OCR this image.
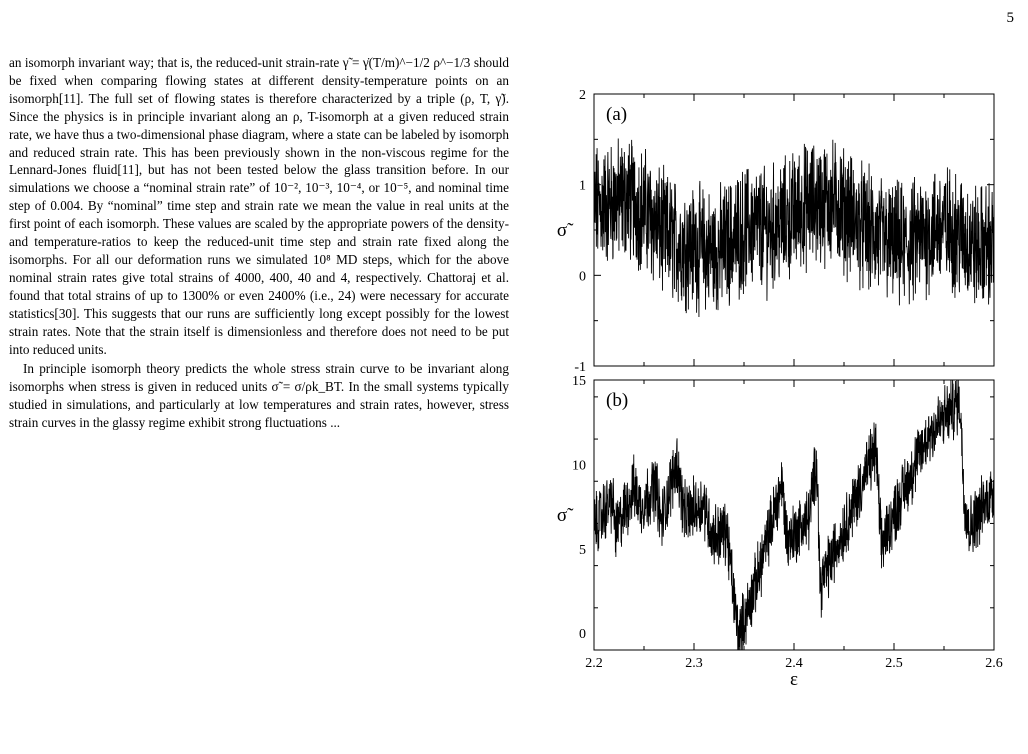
5

an isomorph invariant way; that is, the reduced-unit strain-rate γ̃ = γ̇(T/m)^−1/2 ρ^−1/3 should be fixed when comparing flowing states at different density-temperature points on an isomorph[11]. The full set of flowing states is therefore characterized by a triple (ρ, T, γ̃). Since the physics is in principle invariant along an ρ, T-isomorph at a given reduced strain rate, we have thus a two-dimensional phase diagram, where a state can be labeled by isomorph and reduced strain rate. This has been previously shown in the non-viscous regime for the Lennard-Jones fluid[11], but has not been tested below the glass transition before. In our simulations we choose a “nominal strain rate” of 10⁻², 10⁻³, 10⁻⁴, or 10⁻⁵, and nominal time step of 0.004. By “nominal” time step and strain rate we mean the value in real units at the first point of each isomorph. These values are scaled by the appropriate powers of the density- and temperature-ratios to keep the reduced-unit time step and strain rate fixed along the isomorphs. For all our deformation runs we simulated 10⁸ MD steps, which for the above nominal strain rates give total strains of 4000, 400, 40 and 4, respectively. Chattoraj et al. found that total strains of up to 1300% or even 2400% (i.e., 24) were necessary for accurate statistics[30]. This suggests that our runs are sufficiently long except possibly for the lowest strain rates. Note that the strain itself is dimensionless and therefore does not need to be put into reduced units.

In principle isomorph theory predicts the whole stress strain curve to be invariant along isomorphs when stress is given in reduced units σ̃ = σ/ρk_BT. In the small systems typically studied in simulations, and particularly at low temperatures and strain rates, however, stress strain curves in the glassy regime exhibit strong fluctuations ...

-1
0
1
2
(a)
σ̃
0
5
10
15
2.2	2.3	2.4	2.5	2.6
(b)
σ̃
ε
